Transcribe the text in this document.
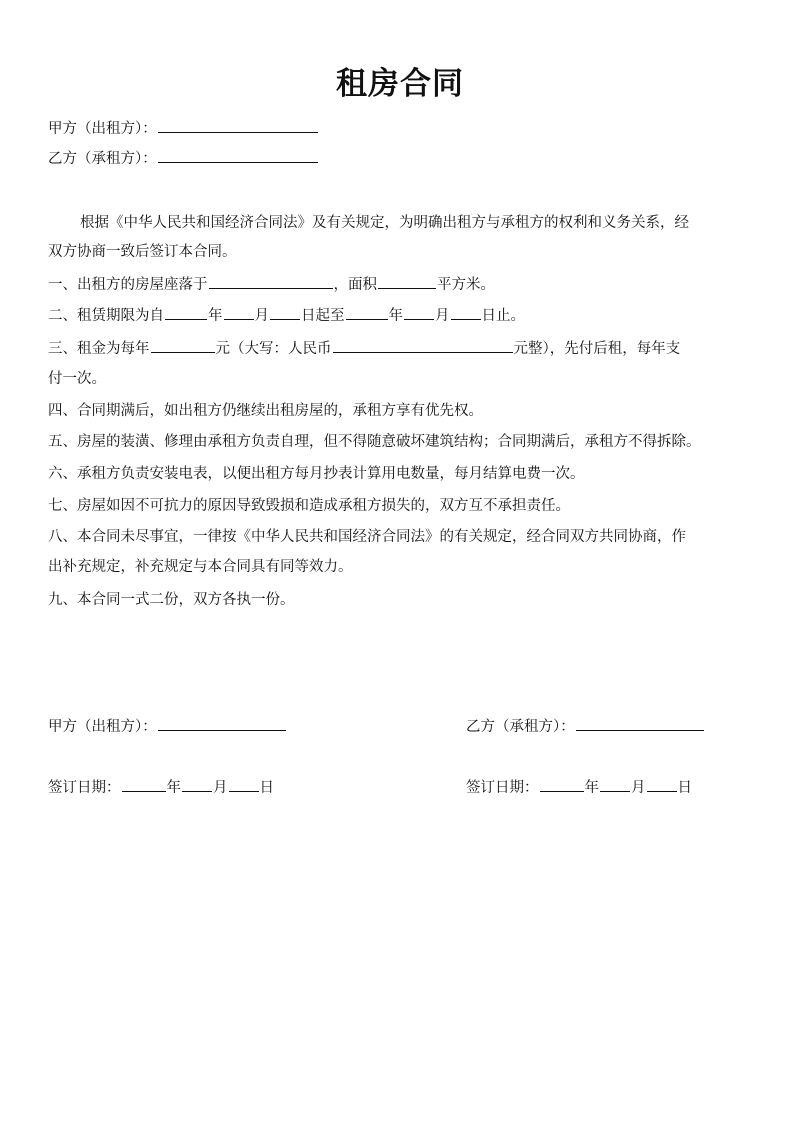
租房合同
甲方（出租方）：
乙方（承租方）：
根据《中华人民共和国经济合同法》及有关规定，为明确出租方与承租方的权利和义务关系，经
双方协商一致后签订本合同。
一、出租方的房屋座落于	，面积	平方米。
二、租赁期限为自	年 月 日起至	年 月 日止。
三、租金为每年	元（大写：人民币	元整），先付后租，每年支
付一次。
四、合同期满后，如出租方仍继续出租房屋的，承租方享有优先权。
五、房屋的装潢、修理由承租方负责自理，但不得随意破坏建筑结构；合同期满后，承租方不得拆除。
六、承租方负责安装电表，以便出租方每月抄表计算用电数量，每月结算电费一次。
七、房屋如因不可抗力的原因导致毁损和造成承租方损失的，双方互不承担责任。
八、本合同未尽事宜，一律按《中华人民共和国经济合同法》的有关规定，经合同双方共同协商，作
出补充规定，补充规定与本合同具有同等效力。
九、本合同一式二份，双方各执一份。
甲方（出租方）：	乙方（承租方）：
签订日期：	年 月 日	签订日期：	年 月 日
